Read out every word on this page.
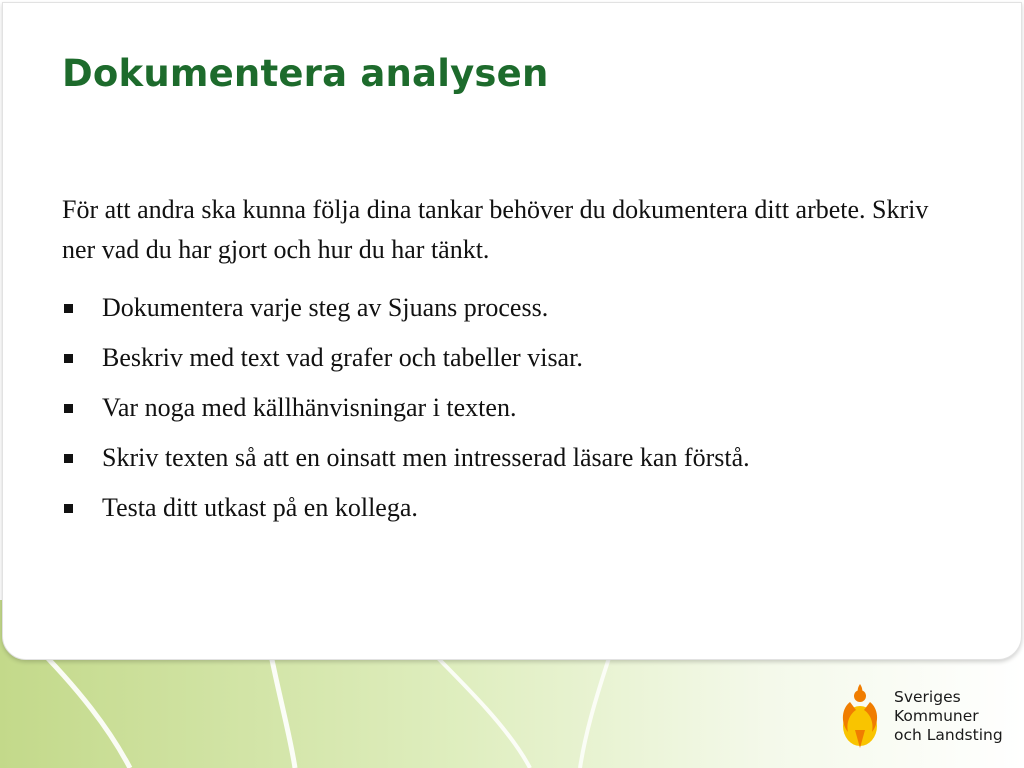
Dokumentera analysen

För att andra ska kunna följa dina tankar behöver du dokumentera ditt arbete. Skriv ner vad du har gjort och hur du har tänkt.

Dokumentera varje steg av Sjuans process.
Beskriv med text vad grafer och tabeller visar.
Var noga med källhänvisningar i texten.
Skriv texten så att en oinsatt men intresserad läsare kan förstå.
Testa ditt utkast på en kollega.
Sveriges
Kommuner
och Landsting
